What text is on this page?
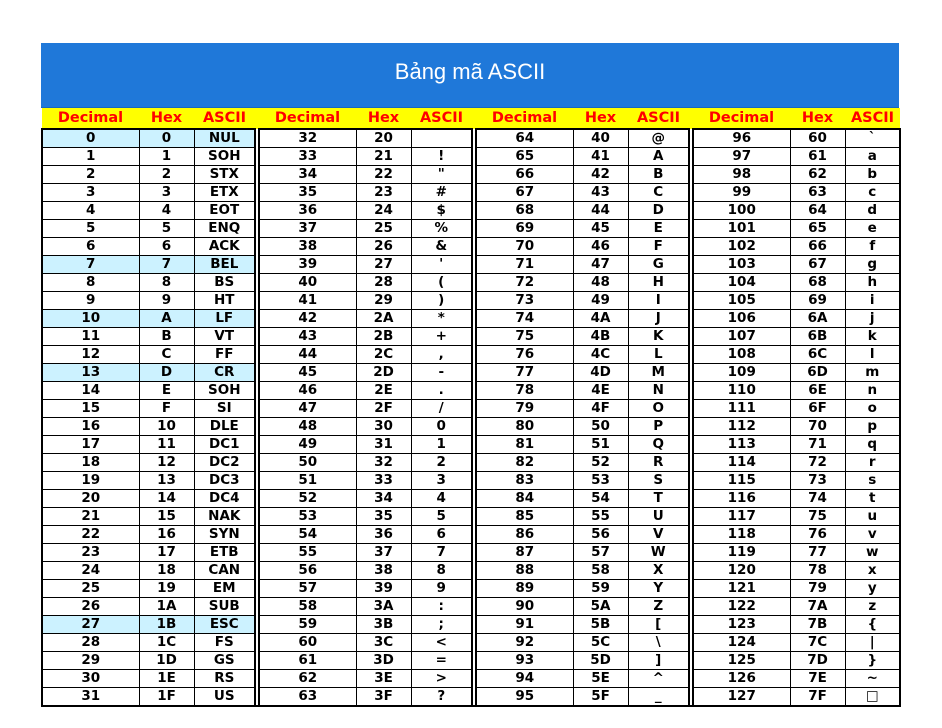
Bảng mã ASCII
Decimal	Hex	ASCII		Decimal	Hex	ASCII		Decimal	Hex	ASCII		Decimal	Hex	ASCII
0	0	NUL		32	20			64	40	@		96	60	`
1	1	SOH		33	21	!		65	41	A		97	61	a
2	2	STX		34	22	"		66	42	B		98	62	b
3	3	ETX		35	23	#		67	43	C		99	63	c
4	4	EOT		36	24	$		68	44	D		100	64	d
5	5	ENQ		37	25	%		69	45	E		101	65	e
6	6	ACK		38	26	&		70	46	F		102	66	f
7	7	BEL		39	27	'		71	47	G		103	67	g
8	8	BS		40	28	(		72	48	H		104	68	h
9	9	HT		41	29	)		73	49	I		105	69	i
10	A	LF		42	2A	*		74	4A	J		106	6A	j
11	B	VT		43	2B	+		75	4B	K		107	6B	k
12	C	FF		44	2C	,		76	4C	L		108	6C	l
13	D	CR		45	2D	-		77	4D	M		109	6D	m
14	E	SOH		46	2E	.		78	4E	N		110	6E	n
15	F	SI		47	2F	/		79	4F	O		111	6F	o
16	10	DLE		48	30	0		80	50	P		112	70	p
17	11	DC1		49	31	1		81	51	Q		113	71	q
18	12	DC2		50	32	2		82	52	R		114	72	r
19	13	DC3		51	33	3		83	53	S		115	73	s
20	14	DC4		52	34	4		84	54	T		116	74	t
21	15	NAK		53	35	5		85	55	U		117	75	u
22	16	SYN		54	36	6		86	56	V		118	76	v
23	17	ETB		55	37	7		87	57	W		119	77	w
24	18	CAN		56	38	8		88	58	X		120	78	x
25	19	EM		57	39	9		89	59	Y		121	79	y
26	1A	SUB		58	3A	:		90	5A	Z		122	7A	z
27	1B	ESC		59	3B	;		91	5B	[		123	7B	{
28	1C	FS		60	3C	<		92	5C	\		124	7C	|
29	1D	GS		61	3D	=		93	5D	]		125	7D	}
30	1E	RS		62	3E	>		94	5E	^		126	7E	~
31	1F	US		63	3F	?		95	5F	_		127	7F	□
